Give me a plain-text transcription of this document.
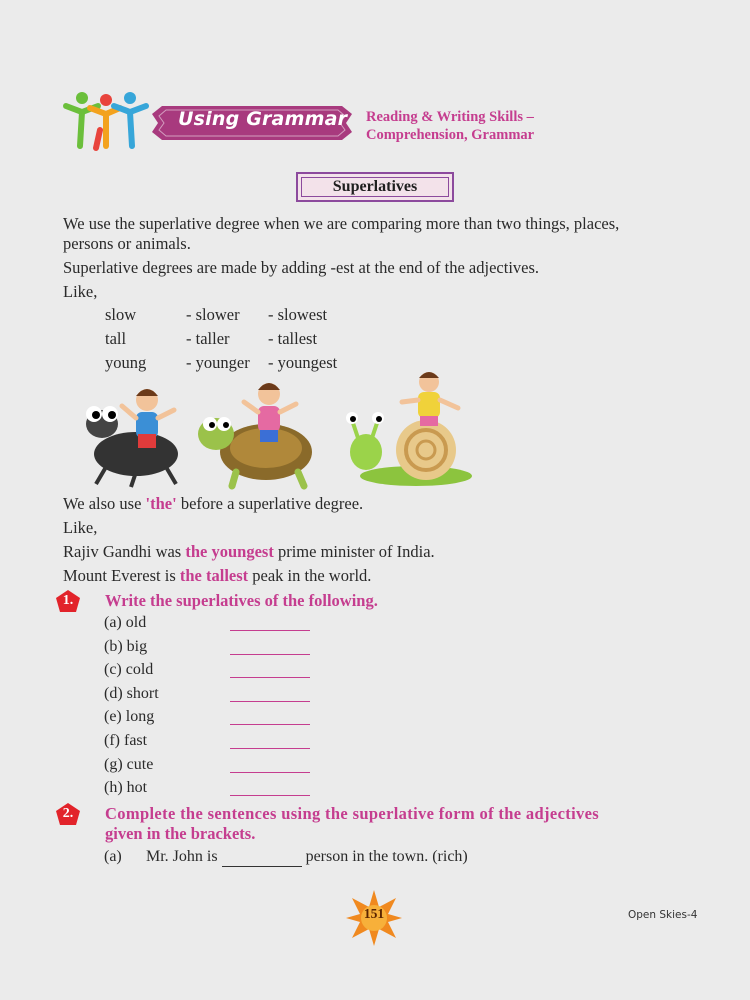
Using Grammar Reading & Writing Skills –
Comprehension, Grammar
Superlatives
We use the superlative degree when we are comparing more than two things, places,
persons or animals.
Superlative degrees are made by adding -est at the end of the adjectives.
Like,
slow	- slower - slowest
tall	- taller - tallest
young - younger - youngest
We also use 'the' before a superlative degree.
Like,
Rajiv Gandhi was the youngest prime minister of India.
Mount Everest is the tallest peak in the world.
1.	Write the superlatives of the following.
(a) old
(b) big
(c) cold
(d) short
(e) long
(f) fast
(g) cute
(h) hot
2.	Complete the sentences using the superlative form of the adjectives
given in the brackets.
(a) Mr. John is	person in the town. (rich)
151	Open Skies-4
